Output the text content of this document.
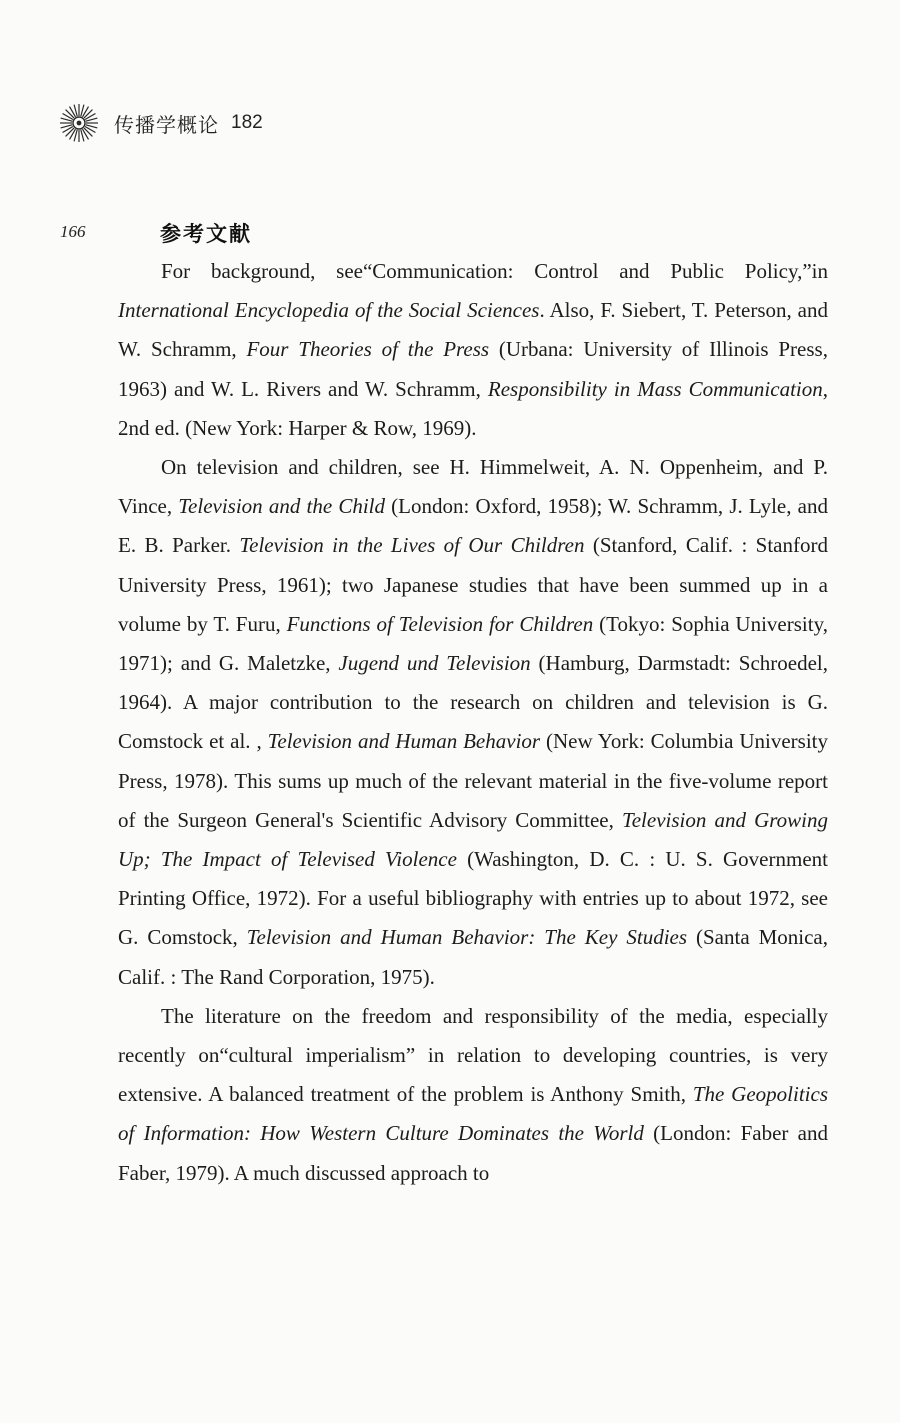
传播学概论 182
166	参考文献

For background, see“Communication: Control and Public Policy,”in International Encyclopedia of the Social Sciences. Also, F. Siebert, T. Peterson, and W. Schramm, Four Theories of the Press (Urbana: University of Illinois Press, 1963) and W. L. Rivers and W. Schramm, Responsibility in Mass Communication, 2nd ed. (New York: Harper & Row, 1969).

On television and children, see H. Himmelweit, A. N. Oppenheim, and P. Vince, Television and the Child (London: Oxford, 1958); W. Schramm, J. Lyle, and E. B. Parker. Television in the Lives of Our Children (Stanford, Calif. : Stanford University Press, 1961); two Japanese studies that have been summed up in a volume by T. Furu, Functions of Television for Children (Tokyo: Sophia University, 1971); and G. Maletzke, Jugend und Television (Hamburg, Darmstadt: Schroedel, 1964). A major contribution to the research on children and television is G. Comstock et al. , Television and Human Behavior (New York: Columbia University Press, 1978). This sums up much of the relevant material in the five-volume report of the Surgeon General's Scientific Advisory Committee, Television and Growing Up; The Impact of Televised Violence (Washington, D. C. : U. S. Government Printing Office, 1972). For a useful bibliography with entries up to about 1972, see G. Comstock, Television and Human Behavior: The Key Studies (Santa Monica, Calif. : The Rand Corporation, 1975).

The literature on the freedom and responsibility of the media, especially recently on“cultural imperialism” in relation to developing countries, is very extensive. A balanced treatment of the problem is Anthony Smith, The Geopolitics of Information: How Western Culture Dominates the World (London: Faber and Faber, 1979). A much discussed approach to
